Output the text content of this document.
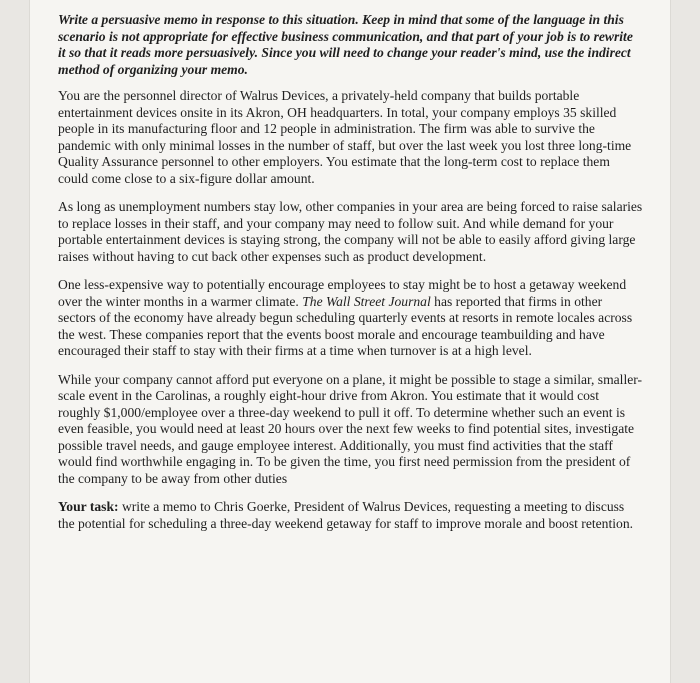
Write a persuasive memo in response to this situation. Keep in mind that some of the language in this scenario is not appropriate for effective business communication, and that part of your job is to rewrite it so that it reads more persuasively. Since you will need to change your reader's mind, use the indirect method of organizing your memo.

You are the personnel director of Walrus Devices, a privately-held company that builds portable entertainment devices onsite in its Akron, OH headquarters. In total, your company employs 35 skilled people in its manufacturing floor and 12 people in administration. The firm was able to survive the pandemic with only minimal losses in the number of staff, but over the last week you lost three long-time Quality Assurance personnel to other employers. You estimate that the long-term cost to replace them could come close to a six-figure dollar amount.

As long as unemployment numbers stay low, other companies in your area are being forced to raise salaries to replace losses in their staff, and your company may need to follow suit. And while demand for your portable entertainment devices is staying strong, the company will not be able to easily afford giving large raises without having to cut back other expenses such as product development.

One less-expensive way to potentially encourage employees to stay might be to host a getaway weekend over the winter months in a warmer climate. The Wall Street Journal has reported that firms in other sectors of the economy have already begun scheduling quarterly events at resorts in remote locales across the west. These companies report that the events boost morale and encourage teambuilding and have encouraged their staff to stay with their firms at a time when turnover is at a high level.

While your company cannot afford put everyone on a plane, it might be possible to stage a similar, smaller-scale event in the Carolinas, a roughly eight-hour drive from Akron. You estimate that it would cost roughly $1,000/employee over a three-day weekend to pull it off. To determine whether such an event is even feasible, you would need at least 20 hours over the next few weeks to find potential sites, investigate possible travel needs, and gauge employee interest. Additionally, you must find activities that the staff would find worthwhile engaging in. To be given the time, you first need permission from the president of the company to be away from other duties

Your task: write a memo to Chris Goerke, President of Walrus Devices, requesting a meeting to discuss the potential for scheduling a three-day weekend getaway for staff to improve morale and boost retention.
